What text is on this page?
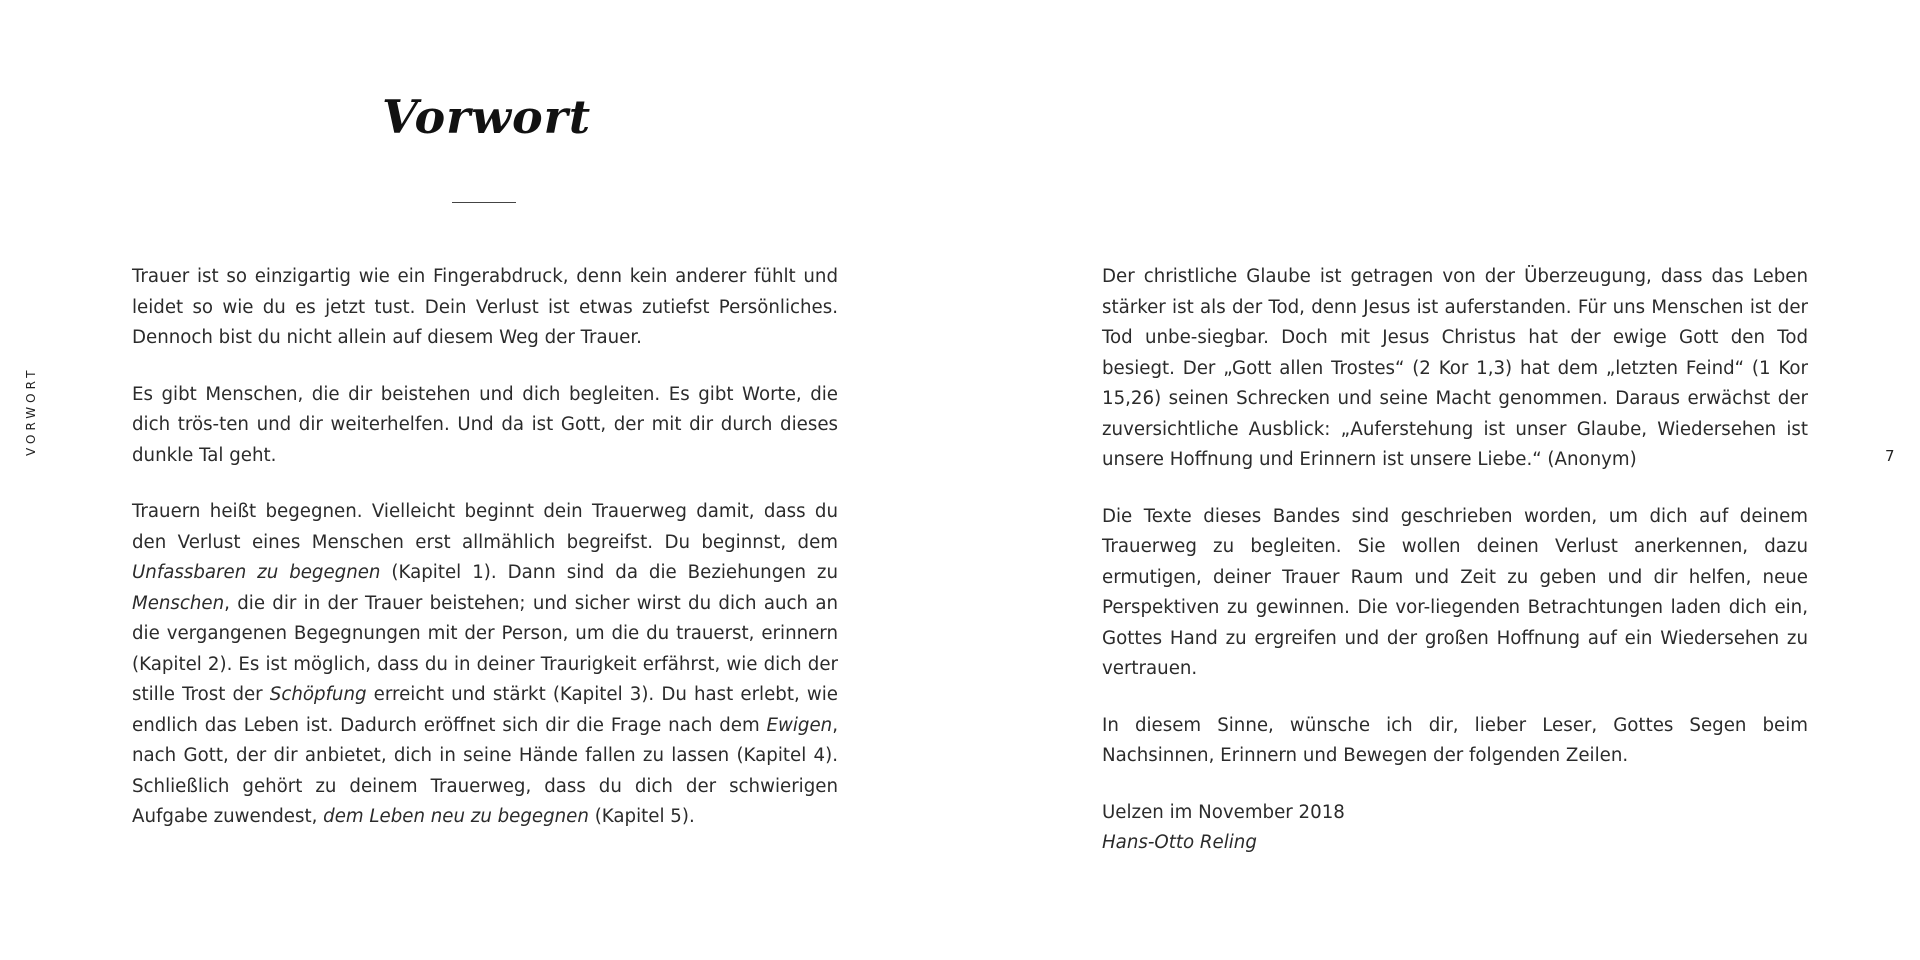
Vorwort
VORWORT	7

Trauer ist so einzigartig wie ein Fingerabdruck, denn kein anderer fühlt und leidet so wie du es jetzt tust. Dein Verlust ist etwas zutiefst Persönliches. Dennoch bist du nicht allein auf diesem Weg der Trauer.

Es gibt Menschen, die dir beistehen und dich begleiten. Es gibt Worte, die dich trös-ten und dir weiterhelfen. Und da ist Gott, der mit dir durch dieses dunkle Tal geht.

Trauern heißt begegnen. Vielleicht beginnt dein Trauerweg damit, dass du den Verlust eines Menschen erst allmählich begreifst. Du beginnst, dem Unfassbaren zu begegnen (Kapitel 1). Dann sind da die Beziehungen zu Menschen, die dir in der Trauer beistehen; und sicher wirst du dich auch an die vergangenen Begegnungen mit der Person, um die du trauerst, erinnern (Kapitel 2). Es ist möglich, dass du in deiner Traurigkeit erfährst, wie dich der stille Trost der Schöpfung erreicht und stärkt (Kapitel 3). Du hast erlebt, wie endlich das Leben ist. Dadurch eröffnet sich dir die Frage nach dem Ewigen, nach Gott, der dir anbietet, dich in seine Hände fallen zu lassen (Kapitel 4). Schließlich gehört zu deinem Trauerweg, dass du dich der schwierigen Aufgabe zuwendest, dem Leben neu zu begegnen (Kapitel 5).

Der christliche Glaube ist getragen von der Überzeugung, dass das Leben stärker ist als der Tod, denn Jesus ist auferstanden. Für uns Menschen ist der Tod unbe-siegbar. Doch mit Jesus Christus hat der ewige Gott den Tod besiegt. Der „Gott allen Trostes“ (2 Kor 1,3) hat dem „letzten Feind“ (1 Kor 15,26) seinen Schrecken und seine Macht genommen. Daraus erwächst der zuversichtliche Ausblick: „Auferstehung ist unser Glaube, Wiedersehen ist unsere Hoffnung und Erinnern ist unsere Liebe.“ (Anonym)

Die Texte dieses Bandes sind geschrieben worden, um dich auf deinem Trauerweg zu begleiten. Sie wollen deinen Verlust anerkennen, dazu ermutigen, deiner Trauer Raum und Zeit zu geben und dir helfen, neue Perspektiven zu gewinnen. Die vor-liegenden Betrachtungen laden dich ein, Gottes Hand zu ergreifen und der großen Hoffnung auf ein Wiedersehen zu vertrauen.

In diesem Sinne, wünsche ich dir, lieber Leser, Gottes Segen beim Nachsinnen, Erinnern und Bewegen der folgenden Zeilen.

Uelzen im November 2018

Hans-Otto Reling
